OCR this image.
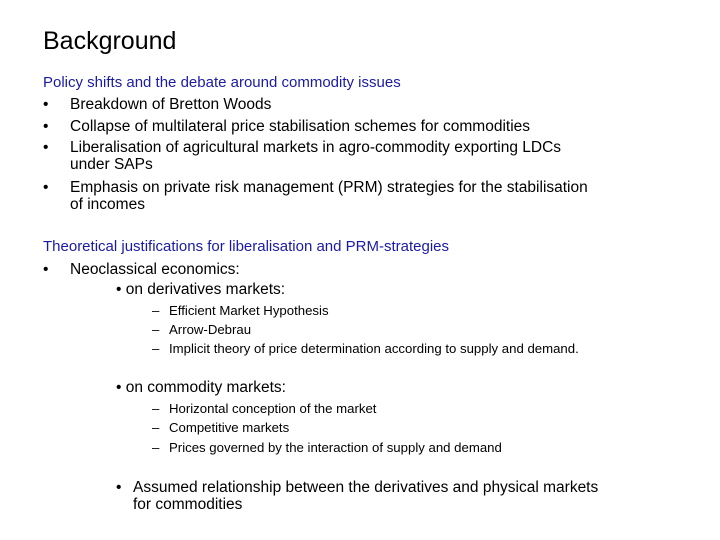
Background
Policy shifts and the debate around commodity issues
• Breakdown of Bretton Woods
• Collapse of multilateral price stabilisation schemes for commodities
• Liberalisation of agricultural markets in agro-commodity exporting LDCs
under SAPs
• Emphasis on private risk management (PRM) strategies for the stabilisation
of incomes
Theoretical justifications for liberalisation and PRM-strategies
• Neoclassical economics:
• on derivatives markets:
– Efficient Market Hypothesis
– Arrow-Debrau
– Implicit theory of price determination according to supply and demand.
• on commodity markets:
– Horizontal conception of the market
– Competitive markets
– Prices governed by the interaction of supply and demand
• Assumed relationship between the derivatives and physical markets
for commodities
